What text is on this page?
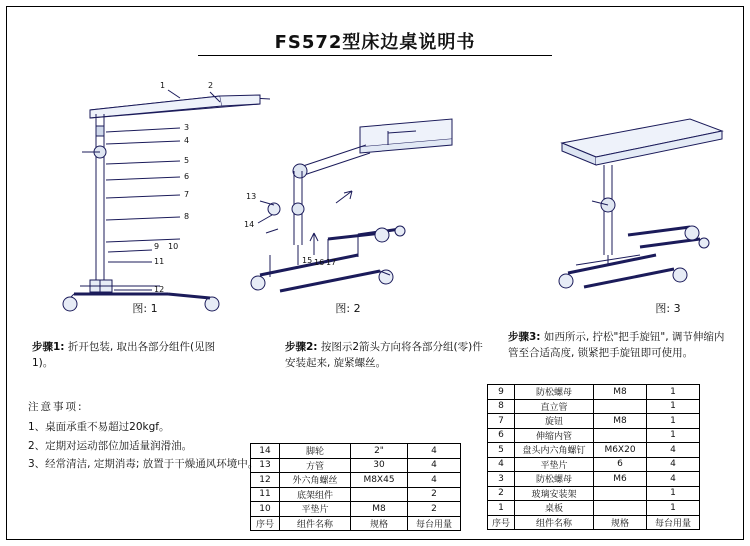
FS572型床边桌说明书
1	2
3
4
5
6
7
8
9 10
11
12
图: 1
13
14
15 16 17
图: 2	图: 3
步骤1: 折开包装, 取出各部分组件(见图1)。
步骤2: 按图示2箭头方向将各部分组(零)件安装起来, 旋紧螺丝。
步骤3: 如西所示, 拧松"把手旋钮", 调节伸缩内管至合适高度, 锁紧把手旋钮即可使用。
注意事项:
1、桌面承重不易超过20kgf。
2、定期对运动部位加适量润滑油。
3、经常清洁, 定期消毒; 放置于干燥通风环境中。
14	脚轮	2"	4
13	方管	30	4
12	外六角螺丝	M8X45	4
11	底架组件		2
10	平垫片	M8	2
序号	组件名称	规格	每台用量
9	防松螺母	M8	1
8	直立管		1
7	旋钮	M8	1
6	伸缩内管		1
5	盘头内六角螺钉	M6X20	4
4	平垫片	6	4
3	防松螺母	M6	4
2	玻璃安装架		1
1	桌板		1
序号	组件名称	规格	每台用量
